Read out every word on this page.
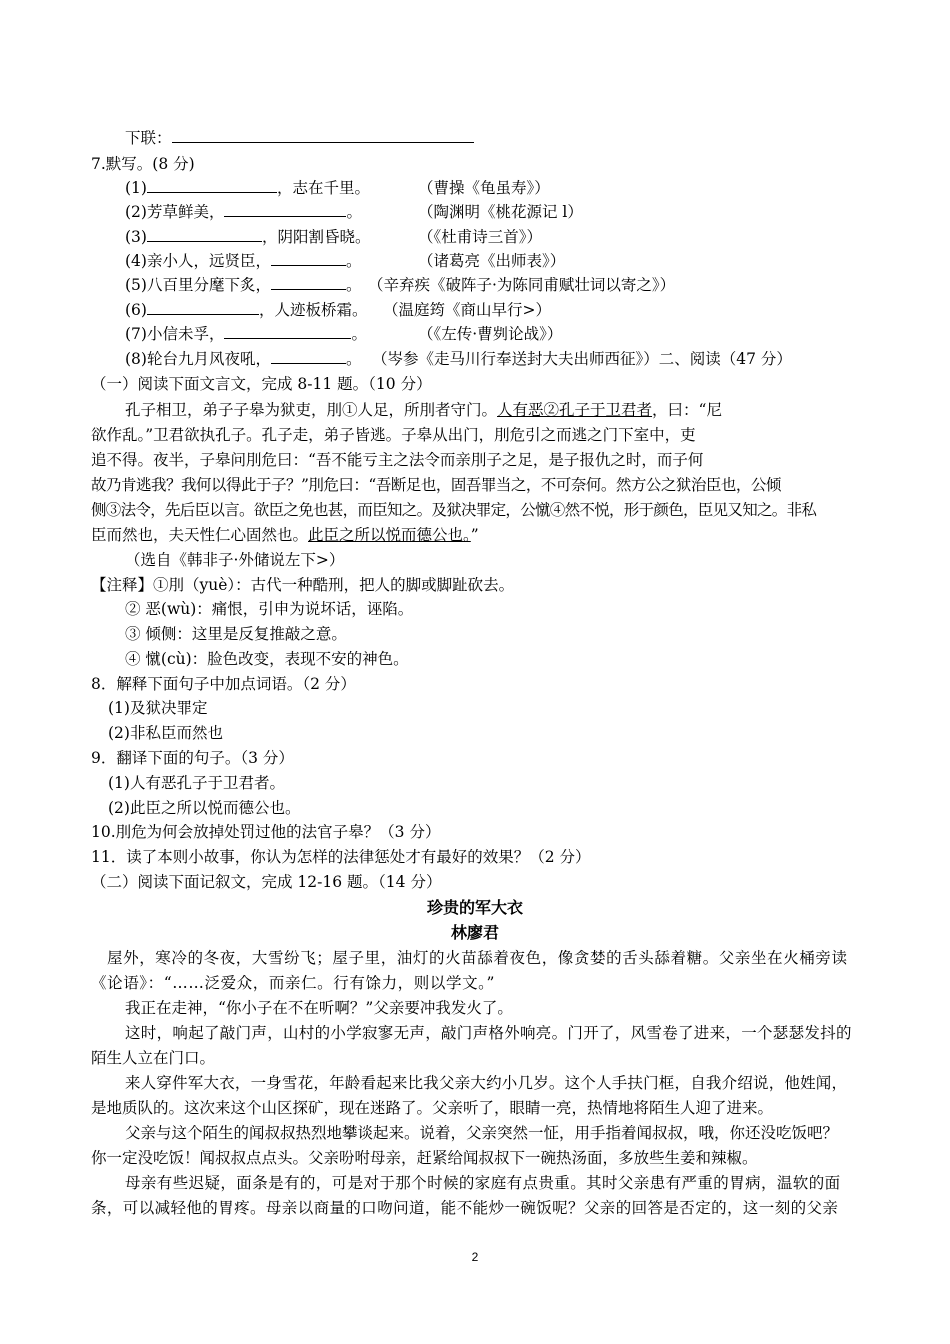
下联：
7.默写。(8 分)
(1)	，志在千里。	（曹操《龟虽寿》）
(2)芳草鲜美，	。	（陶渊明《桃花源记 l）
(3)	，阴阳割昏晓。	（《杜甫诗三首》）
(4)亲小人，远贤臣，	。	（诸葛亮《出师表》）
(5)八百里分麾下炙，	。 （辛弃疾《破阵子·为陈同甫赋壮词以寄之》）
(6)	，人迹板桥霜。 （温庭筠《商山早行>）
(7)小信未孚，	。	（《左传·曹刿论战》）
(8)轮台九月风夜吼，	。 （岑参《走马川行奉送封大夫出师西征》）二、阅读（47 分）
（一）阅读下面文言文，完成 8-11 题。（10 分）
孔子相卫，弟子子皋为狱吏，刖①人足，所刖者守门。人有恶②孔子于卫君者，曰：“尼
欲作乱。”卫君欲执孔子。孔子走，弟子皆逃。子皋从出门，刖危引之而逃之门下室中，吏
追不得。夜半，子皋问刖危曰：“吾不能亏主之法令而亲刖子之足，是子报仇之时，而子何
故乃肯逃我？我何以得此于子？”刖危曰：“吾断足也，固吾罪当之，不可奈何。然方公之狱治臣也，公倾
侧③法令，先后臣以言。欲臣之免也甚，而臣知之。及狱决罪定，公憱④然不悦，形于颜色，臣见又知之。非私
臣而然也，夫天性仁心固然也。此臣之所以悦而德公也。”
（选自《韩非子·外储说左下>）
【注释】①刖（yuè）：古代一种酷刑，把人的脚或脚趾砍去。
② 恶(wù)：痛恨，引申为说坏话，诬陷。
③ 倾侧：这里是反复推敲之意。
④ 憱(cù)：脸色改变，表现不安的神色。
8．解释下面句子中加点词语。（2 分）
(1)及狱决罪定
(2)非私臣而然也
9．翻译下面的句子。（3 分）
(1)人有恶孔子于卫君者。
(2)此臣之所以悦而德公也。
10.刖危为何会放掉处罚过他的法官子皋？（3 分）
11．读了本则小故事，你认为怎样的法律惩处才有最好的效果？（2 分）
（二）阅读下面记叙文，完成 12-16 题。（14 分）
珍贵的军大衣
林廖君
屋外，寒冷的冬夜，大雪纷飞；屋子里，油灯的火苗舔着夜色，像贪婪的舌头舔着糖。父亲坐在火桶旁读
《论语》：“……泛爱众，而亲仁。行有馀力，则以学文。”
我正在走神，“你小子在不在听啊？”父亲要冲我发火了。
这时，响起了敲门声，山村的小学寂寥无声，敲门声格外响亮。门开了，风雪卷了进来，一个瑟瑟发抖的
陌生人立在门口。
来人穿件军大衣，一身雪花，年龄看起来比我父亲大约小几岁。这个人手扶门框，自我介绍说，他姓闻，
是地质队的。这次来这个山区探矿，现在迷路了。父亲听了，眼睛一亮，热情地将陌生人迎了进来。
父亲与这个陌生的闻叔叔热烈地攀谈起来。说着，父亲突然一怔，用手指着闻叔叔，哦，你还没吃饭吧？
你一定没吃饭！闻叔叔点点头。父亲吩咐母亲，赶紧给闻叔叔下一碗热汤面，多放些生姜和辣椒。
母亲有些迟疑，面条是有的，可是对于那个时候的家庭有点贵重。其时父亲患有严重的胃病，温软的面
条，可以减轻他的胃疼。母亲以商量的口吻问道，能不能炒一碗饭呢？父亲的回答是否定的，这一刻的父亲
2
